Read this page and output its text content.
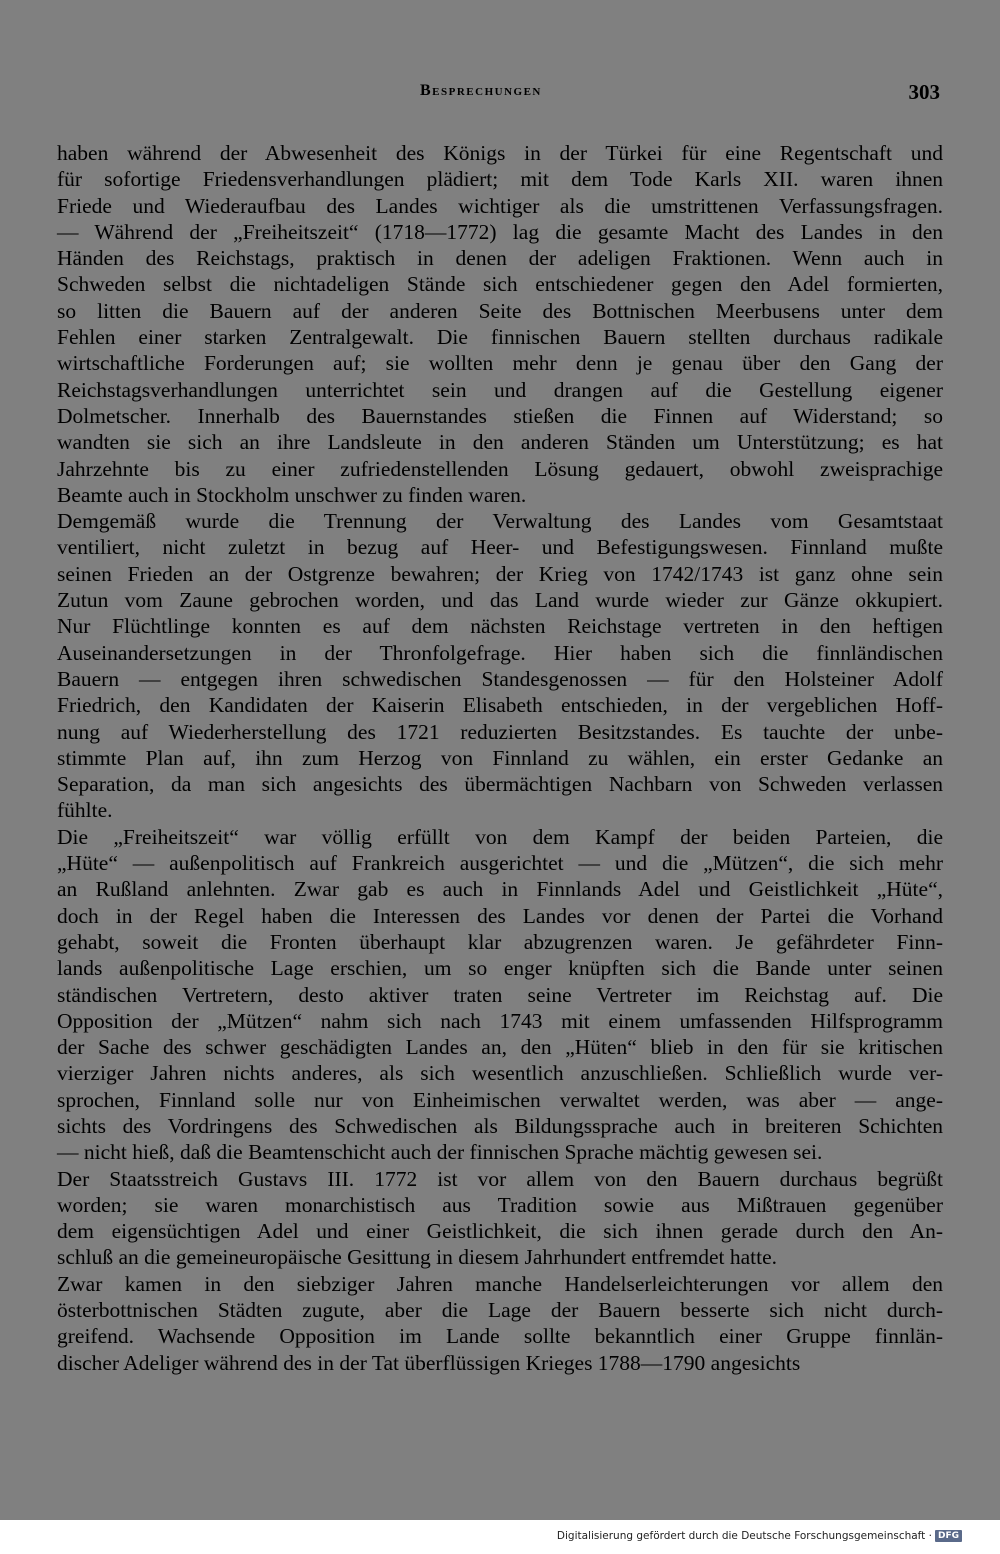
Besprechungen	303
haben während der Abwesenheit des Königs in der Türkei für eine Regentschaft und
für sofortige Friedensverhandlungen plädiert; mit dem Tode Karls XII. waren ihnen
Friede und Wiederaufbau des Landes wichtiger als die umstrittenen Verfassungsfragen.
— Während der „Freiheitszeit“ (1718—1772) lag die gesamte Macht des Landes in den
Händen des Reichstags, praktisch in denen der adeligen Fraktionen. Wenn auch in
Schweden selbst die nichtadeligen Stände sich entschiedener gegen den Adel formierten,
so litten die Bauern auf der anderen Seite des Bottnischen Meerbusens unter dem
Fehlen einer starken Zentralgewalt. Die finnischen Bauern stellten durchaus radikale
wirtschaftliche Forderungen auf; sie wollten mehr denn je genau über den Gang der
Reichstagsverhandlungen unterrichtet sein und drangen auf die Gestellung eigener
Dolmetscher. Innerhalb des Bauernstandes stießen die Finnen auf Widerstand; so
wandten sie sich an ihre Landsleute in den anderen Ständen um Unterstützung; es hat
Jahrzehnte bis zu einer zufriedenstellenden Lösung gedauert, obwohl zweisprachige
Beamte auch in Stockholm unschwer zu finden waren.
Demgemäß wurde die Trennung der Verwaltung des Landes vom Gesamtstaat
ventiliert, nicht zuletzt in bezug auf Heer- und Befestigungswesen. Finnland mußte
seinen Frieden an der Ostgrenze bewahren; der Krieg von 1742/1743 ist ganz ohne sein
Zutun vom Zaune gebrochen worden, und das Land wurde wieder zur Gänze okkupiert.
Nur Flüchtlinge konnten es auf dem nächsten Reichstage vertreten in den heftigen
Auseinandersetzungen in der Thronfolgefrage. Hier haben sich die finnländischen
Bauern — entgegen ihren schwedischen Standesgenossen — für den Holsteiner Adolf
Friedrich, den Kandidaten der Kaiserin Elisabeth entschieden, in der vergeblichen Hoff-
nung auf Wiederherstellung des 1721 reduzierten Besitzstandes. Es tauchte der unbe-
stimmte Plan auf, ihn zum Herzog von Finnland zu wählen, ein erster Gedanke an
Separation, da man sich angesichts des übermächtigen Nachbarn von Schweden verlassen
fühlte.
Die „Freiheitszeit“ war völlig erfüllt von dem Kampf der beiden Parteien, die
„Hüte“ — außenpolitisch auf Frankreich ausgerichtet — und die „Mützen“, die sich mehr
an Rußland anlehnten. Zwar gab es auch in Finnlands Adel und Geistlichkeit „Hüte“,
doch in der Regel haben die Interessen des Landes vor denen der Partei die Vorhand
gehabt, soweit die Fronten überhaupt klar abzugrenzen waren. Je gefährdeter Finn-
lands außenpolitische Lage erschien, um so enger knüpften sich die Bande unter seinen
ständischen Vertretern, desto aktiver traten seine Vertreter im Reichstag auf. Die
Opposition der „Mützen“ nahm sich nach 1743 mit einem umfassenden Hilfsprogramm
der Sache des schwer geschädigten Landes an, den „Hüten“ blieb in den für sie kritischen
vierziger Jahren nichts anderes, als sich wesentlich anzuschließen. Schließlich wurde ver-
sprochen, Finnland solle nur von Einheimischen verwaltet werden, was aber — ange-
sichts des Vordringens des Schwedischen als Bildungssprache auch in breiteren Schichten
— nicht hieß, daß die Beamtenschicht auch der finnischen Sprache mächtig gewesen sei.
Der Staatsstreich Gustavs III. 1772 ist vor allem von den Bauern durchaus begrüßt
worden; sie waren monarchistisch aus Tradition sowie aus Mißtrauen gegenüber
dem eigensüchtigen Adel und einer Geistlichkeit, die sich ihnen gerade durch den An-
schluß an die gemeineuropäische Gesittung in diesem Jahrhundert entfremdet hatte.
Zwar kamen in den siebziger Jahren manche Handelserleichterungen vor allem den
österbottnischen Städten zugute, aber die Lage der Bauern besserte sich nicht durch-
greifend. Wachsende Opposition im Lande sollte bekanntlich einer Gruppe finnlän-
discher Adeliger während des in der Tat überflüssigen Krieges 1788—1790 angesichts
Digitalisierung gefördert durch die Deutsche Forschungsgemeinschaft · DFG
